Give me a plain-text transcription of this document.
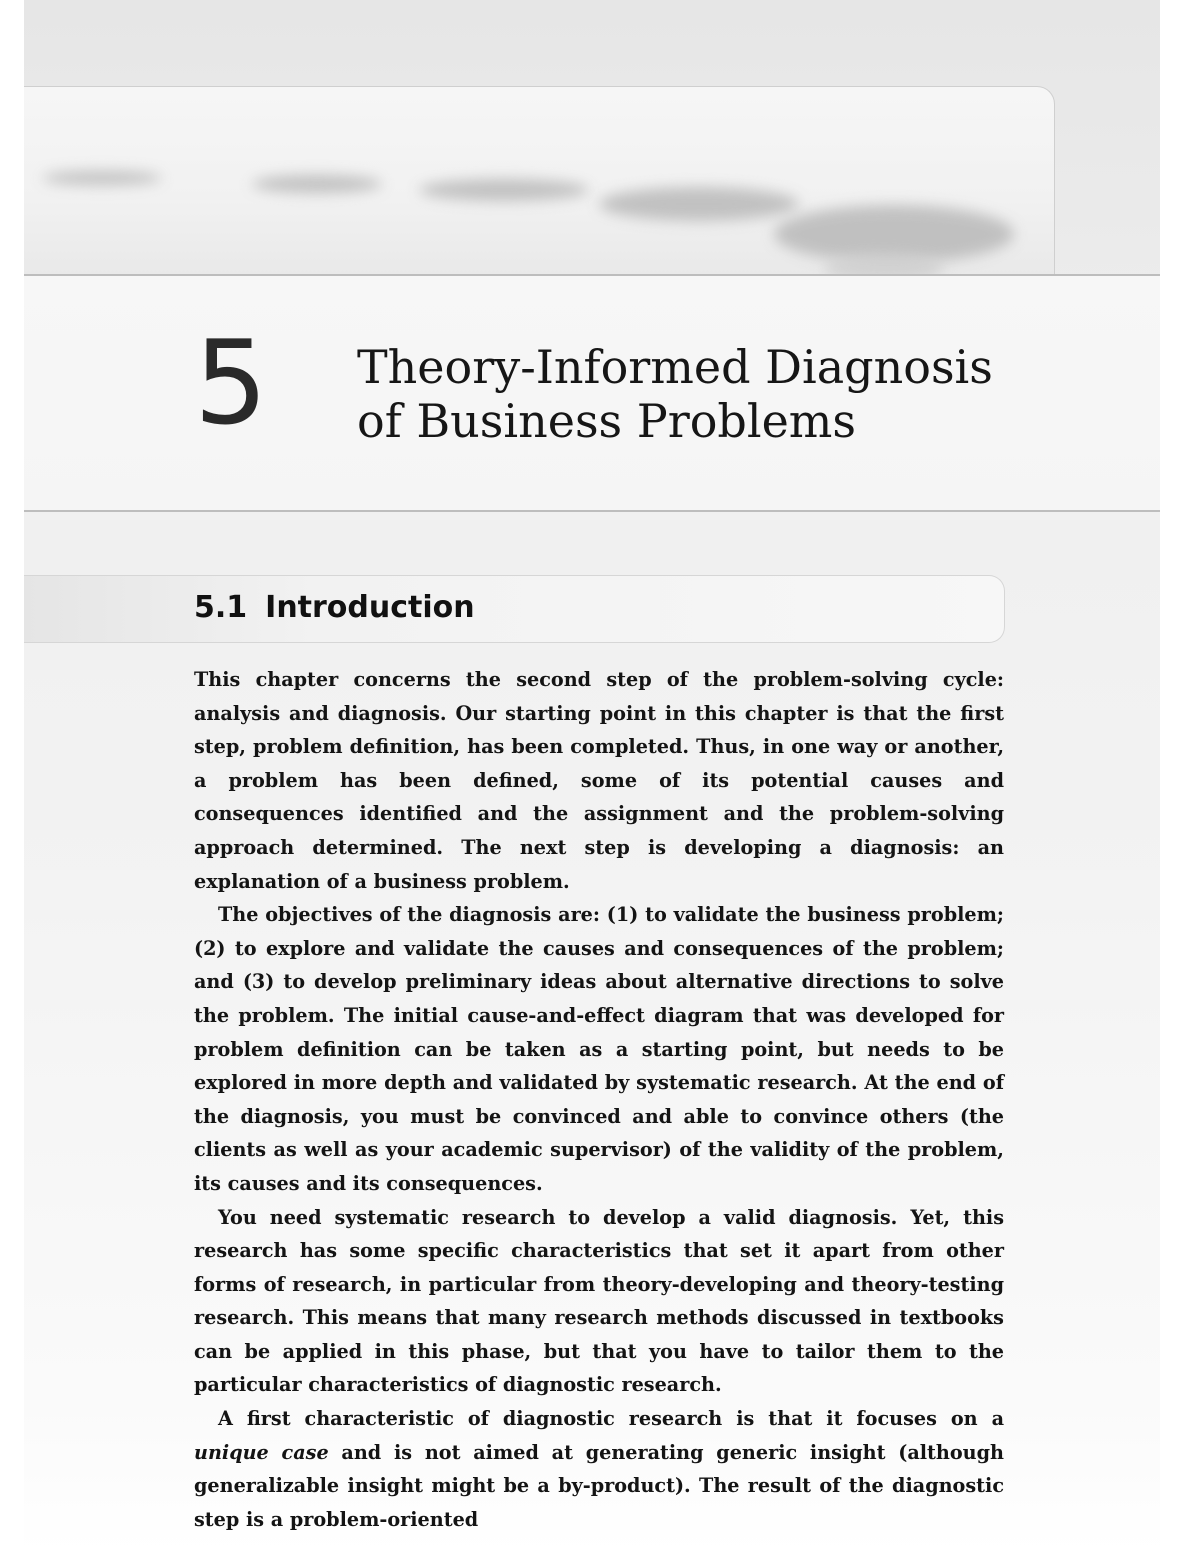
5 Theory-Informed Diagnosis
of Business Problems
5.1 Introduction

This chapter concerns the second step of the problem-solving cycle: analysis and diagnosis. Our starting point in this chapter is that the first step, problem definition, has been completed. Thus, in one way or another, a problem has been defined, some of its potential causes and consequences identified and the assignment and the problem-solving approach determined. The next step is developing a diagnosis: an explanation of a business problem.

The objectives of the diagnosis are: (1) to validate the business problem; (2) to explore and validate the causes and consequences of the problem; and (3) to develop preliminary ideas about alternative directions to solve the problem. The initial cause-and-effect diagram that was developed for problem definition can be taken as a starting point, but needs to be explored in more depth and validated by systematic research. At the end of the diagnosis, you must be convinced and able to convince others (the clients as well as your academic supervisor) of the validity of the problem, its causes and its consequences.

You need systematic research to develop a valid diagnosis. Yet, this research has some specific characteristics that set it apart from other forms of research, in particular from theory-developing and theory-testing research. This means that many research methods discussed in textbooks can be applied in this phase, but that you have to tailor them to the particular characteristics of diagnostic research.

A first characteristic of diagnostic research is that it focuses on a unique case and is not aimed at generating generic insight (although generalizable insight might be a by-product). The result of the diagnostic step is a problem-oriented
